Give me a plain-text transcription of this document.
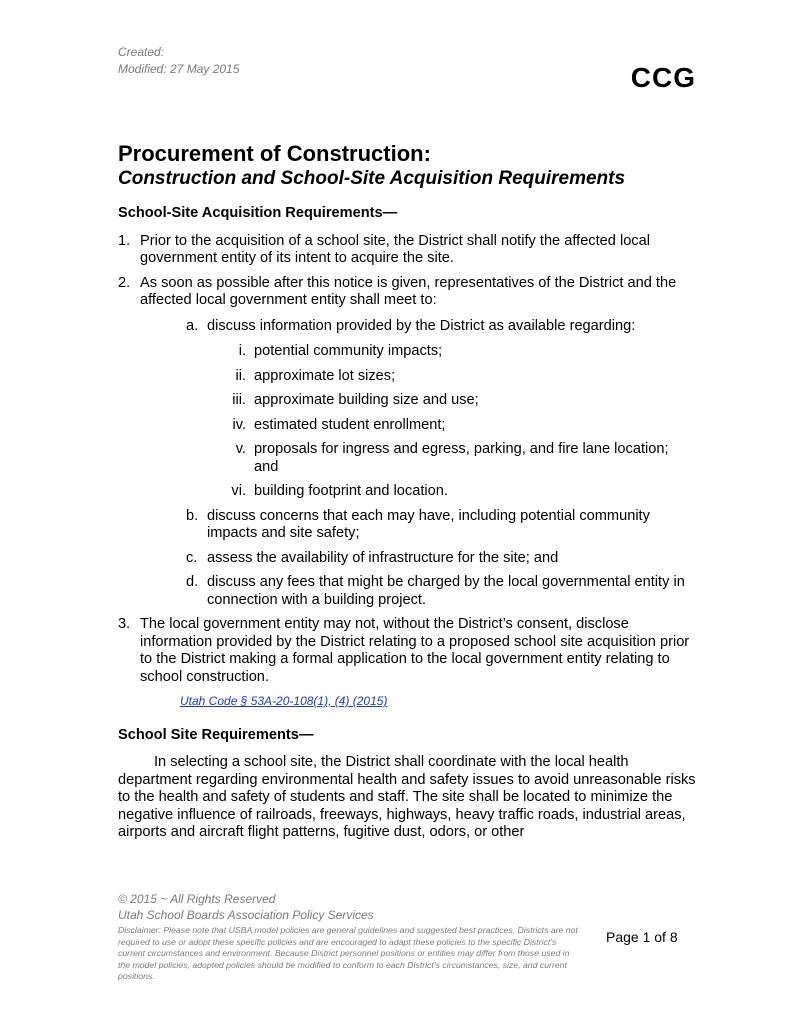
Created:
Modified: 27 May 2015	CCG
Procurement of Construction:
Construction and School-Site Acquisition Requirements
School-Site Acquisition Requirements—
1. Prior to the acquisition of a school site, the District shall notify the affected local government entity of its intent to acquire the site.
2. As soon as possible after this notice is given, representatives of the District and the affected local government entity shall meet to:
a. discuss information provided by the District as available regarding:
i. potential community impacts;
ii. approximate lot sizes;
iii. approximate building size and use;
iv. estimated student enrollment;
v. proposals for ingress and egress, parking, and fire lane location; and
vi. building footprint and location.
b. discuss concerns that each may have, including potential community impacts and site safety;
c. assess the availability of infrastructure for the site; and
d. discuss any fees that might be charged by the local governmental entity in connection with a building project.
3. The local government entity may not, without the District’s consent, disclose information provided by the District relating to a proposed school site acquisition prior to the District making a formal application to the local government entity relating to school construction.
Utah Code § 53A-20-108(1), (4) (2015)
School Site Requirements—

In selecting a school site, the District shall coordinate with the local health department regarding environmental health and safety issues to avoid unreasonable risks to the health and safety of students and staff. The site shall be located to minimize the negative influence of railroads, freeways, highways, heavy traffic roads, industrial areas, airports and aircraft flight patterns, fugitive dust, odors, or other

© 2015 ~ All Rights Reserved
Utah School Boards Association Policy Services
Disclaimer: Please note that USBA model policies are general guidelines and suggested best practices. Districts are not required to use or adopt these specific policies and are encouraged to adapt these policies to the specific District’s current circumstances and environment. Because District personnel positions or entities may differ from those used in the model policies, adopted policies should be modified to conform to each District’s circumstances, size, and current positions.
Page 1 of 8
